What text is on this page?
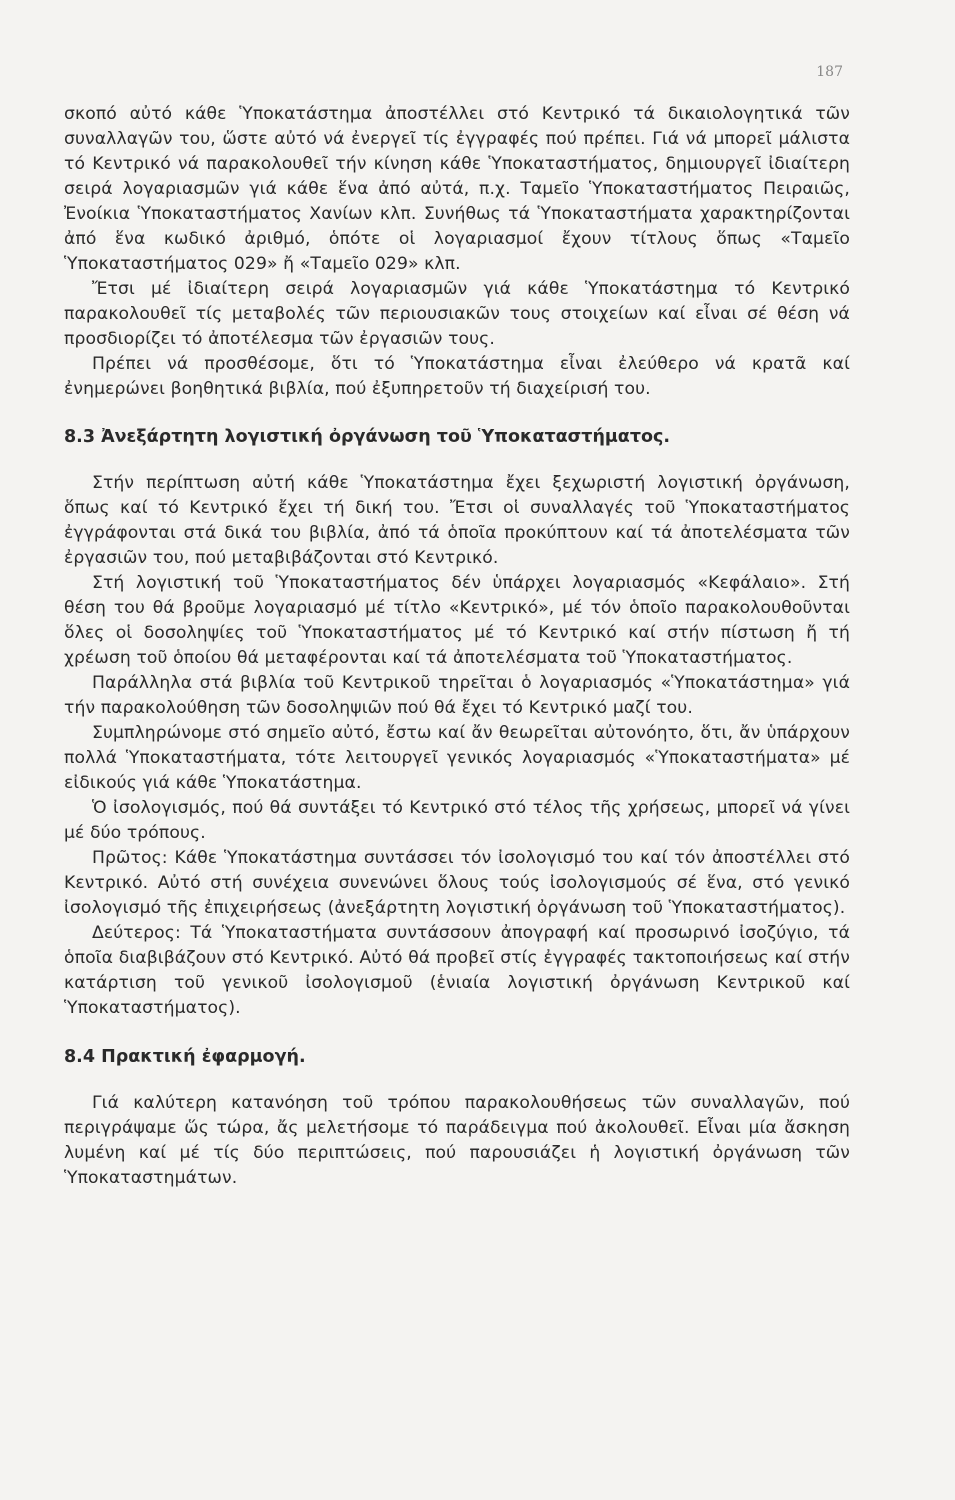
187

σκοπό αὐτό κάθε Ὑποκατάστημα ἀποστέλλει στό Κεντρικό τά δικαιολογητικά τῶν συναλλαγῶν του, ὥστε αὐτό νά ἐνεργεῖ τίς ἐγγραφές πού πρέπει. Γιά νά μπορεῖ μάλιστα τό Κεντρικό νά παρακολουθεῖ τήν κίνηση κάθε Ὑποκαταστήματος, δημιουργεῖ ἰδιαίτερη σειρά λογαριασμῶν γιά κάθε ἕνα ἀπό αὐτά, π.χ. Ταμεῖο Ὑποκαταστήματος Πειραιῶς, Ἐνοίκια Ὑποκαταστήματος Χανίων κλπ. Συνήθως τά Ὑποκαταστήματα χαρακτηρίζονται ἀπό ἕνα κωδικό ἀριθμό, ὁπότε οἱ λογαριασμοί ἔχουν τίτλους ὅπως «Ταμεῖο Ὑποκαταστήματος 029» ἤ «Ταμεῖο 029» κλπ.

Ἔτσι μέ ἰδιαίτερη σειρά λογαριασμῶν γιά κάθε Ὑποκατάστημα τό Κεντρικό παρακολουθεῖ τίς μεταβολές τῶν περιουσιακῶν τους στοιχείων καί εἶναι σέ θέση νά προσδιορίζει τό ἀποτέλεσμα τῶν ἐργασιῶν τους.

Πρέπει νά προσθέσομε, ὅτι τό Ὑποκατάστημα εἶναι ἐλεύθερο νά κρατᾶ καί ἐνημερώνει βοηθητικά βιβλία, πού ἐξυπηρετοῦν τή διαχείρισή του.

8.3 Ἀνεξάρτητη λογιστική ὀργάνωση τοῦ Ὑποκαταστήματος.

Στήν περίπτωση αὐτή κάθε Ὑποκατάστημα ἔχει ξεχωριστή λογιστική ὀργάνωση, ὅπως καί τό Κεντρικό ἔχει τή δική του. Ἔτσι οἱ συναλλαγές τοῦ Ὑποκαταστήματος ἐγγράφονται στά δικά του βιβλία, ἀπό τά ὁποῖα προκύπτουν καί τά ἀποτελέσματα τῶν ἐργασιῶν του, πού μεταβιβάζονται στό Κεντρικό.

Στή λογιστική τοῦ Ὑποκαταστήματος δέν ὑπάρχει λογαριασμός «Κεφάλαιο». Στή θέση του θά βροῦμε λογαριασμό μέ τίτλο «Κεντρικό», μέ τόν ὁποῖο παρακολουθοῦνται ὅλες οἱ δοσοληψίες τοῦ Ὑποκαταστήματος μέ τό Κεντρικό καί στήν πίστωση ἤ τή χρέωση τοῦ ὁποίου θά μεταφέρονται καί τά ἀποτελέσματα τοῦ Ὑποκαταστήματος.

Παράλληλα στά βιβλία τοῦ Κεντρικοῦ τηρεῖται ὁ λογαριασμός «Ὑποκατάστημα» γιά τήν παρακολούθηση τῶν δοσοληψιῶν πού θά ἔχει τό Κεντρικό μαζί του.

Συμπληρώνομε στό σημεῖο αὐτό, ἔστω καί ἄν θεωρεῖται αὐτονόητο, ὅτι, ἄν ὑπάρχουν πολλά Ὑποκαταστήματα, τότε λειτουργεῖ γενικός λογαριασμός «Ὑποκαταστήματα» μέ εἰδικούς γιά κάθε Ὑποκατάστημα.

Ὁ ἰσολογισμός, πού θά συντάξει τό Κεντρικό στό τέλος τῆς χρήσεως, μπορεῖ νά γίνει μέ δύο τρόπους.

Πρῶτος: Κάθε Ὑποκατάστημα συντάσσει τόν ἰσολογισμό του καί τόν ἀποστέλλει στό Κεντρικό. Αὐτό στή συνέχεια συνενώνει ὅλους τούς ἰσολογισμούς σέ ἕνα, στό γενικό ἰσολογισμό τῆς ἐπιχειρήσεως (ἀνεξάρτητη λογιστική ὀργάνωση τοῦ Ὑποκαταστήματος).

Δεύτερος: Τά Ὑποκαταστήματα συντάσσουν ἀπογραφή καί προσωρινό ἰσοζύγιο, τά ὁποῖα διαβιβάζουν στό Κεντρικό. Αὐτό θά προβεῖ στίς ἐγγραφές τακτοποιήσεως καί στήν κατάρτιση τοῦ γενικοῦ ἰσολογισμοῦ (ἑνιαία λογιστική ὀργάνωση Κεντρικοῦ καί Ὑποκαταστήματος).

8.4 Πρακτική ἐφαρμογή.

Γιά καλύτερη κατανόηση τοῦ τρόπου παρακολουθήσεως τῶν συναλλαγῶν, πού περιγράψαμε ὥς τώρα, ἄς μελετήσομε τό παράδειγμα πού ἀκολουθεῖ. Εἶναι μία ἄσκηση λυμένη καί μέ τίς δύο περιπτώσεις, πού παρουσιάζει ἡ λογιστική ὀργάνωση τῶν Ὑποκαταστημάτων.
